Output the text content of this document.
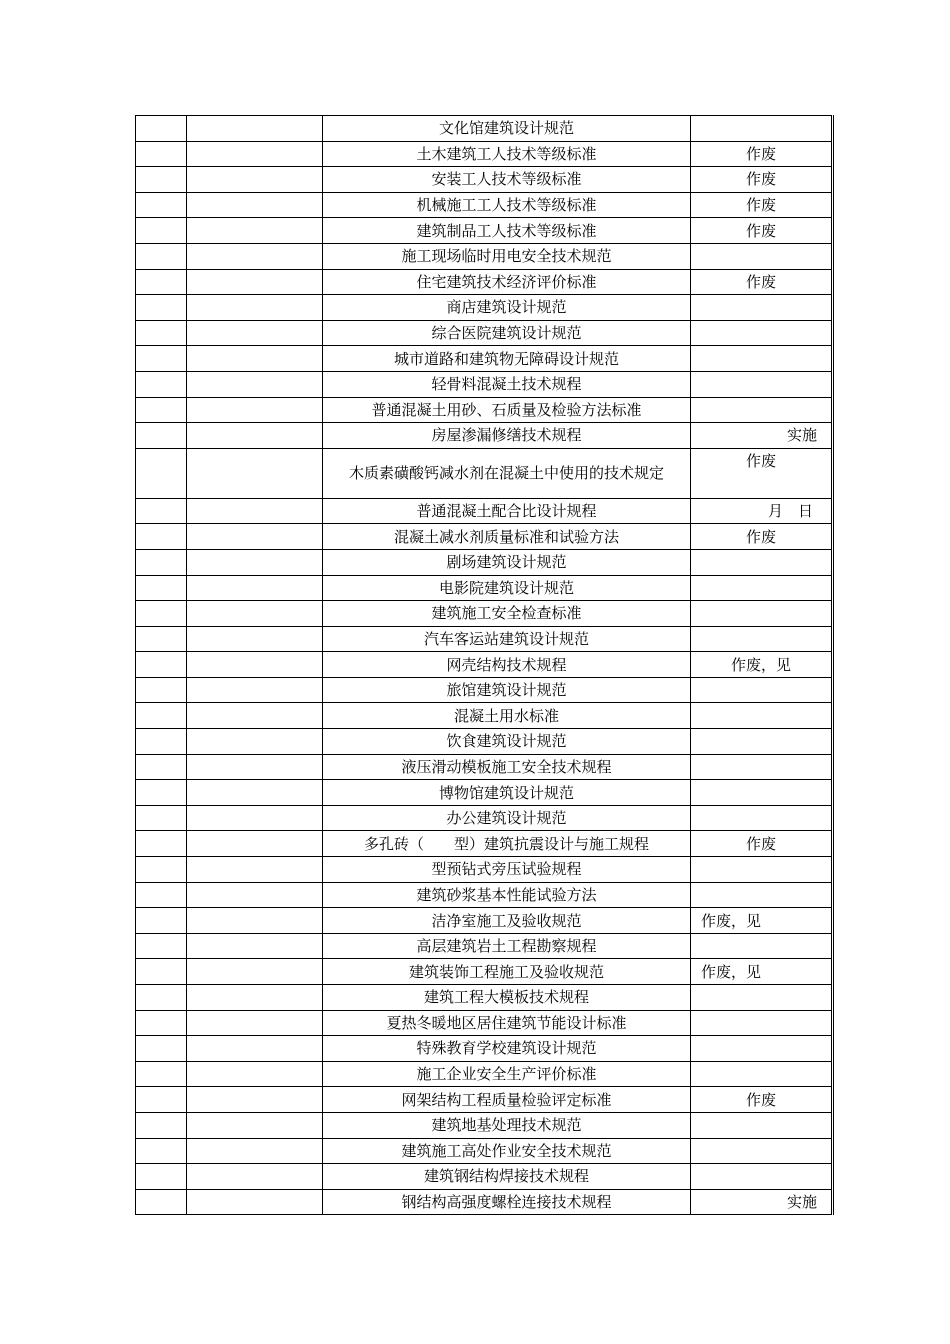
		文化馆建筑设计规范	
		土木建筑工人技术等级标准	作废
		安装工人技术等级标准	作废
		机械施工工人技术等级标准	作废
		建筑制品工人技术等级标准	作废
		施工现场临时用电安全技术规范	
		住宅建筑技术经济评价标准	作废
		商店建筑设计规范	
		综合医院建筑设计规范	
		城市道路和建筑物无障碍设计规范	
		轻骨料混凝土技术规程	
		普通混凝土用砂、石质量及检验方法标准	
		房屋渗漏修缮技术规程	实施
		木质素磺酸钙减水剂在混凝土中使用的技术规定	作废
		普通混凝土配合比设计规程	月　日
		混凝土减水剂质量标准和试验方法	作废
		剧场建筑设计规范	
		电影院建筑设计规范	
		建筑施工安全检查标准	
		汽车客运站建筑设计规范	
		网壳结构技术规程	作废，见
		旅馆建筑设计规范	
		混凝土用水标准	
		饮食建筑设计规范	
		液压滑动模板施工安全技术规程	
		博物馆建筑设计规范	
		办公建筑设计规范	
		多孔砖（　　型）建筑抗震设计与施工规程	作废
		型预钻式旁压试验规程	
		建筑砂浆基本性能试验方法	
		洁净室施工及验收规范	作废，见
		高层建筑岩土工程勘察规程	
		建筑装饰工程施工及验收规范	作废，见
		建筑工程大模板技术规程	
		夏热冬暖地区居住建筑节能设计标准	
		特殊教育学校建筑设计规范	
		施工企业安全生产评价标准	
		网架结构工程质量检验评定标准	作废
		建筑地基处理技术规范	
		建筑施工高处作业安全技术规范	
		建筑钢结构焊接技术规程	
		钢结构高强度螺栓连接技术规程	实施
